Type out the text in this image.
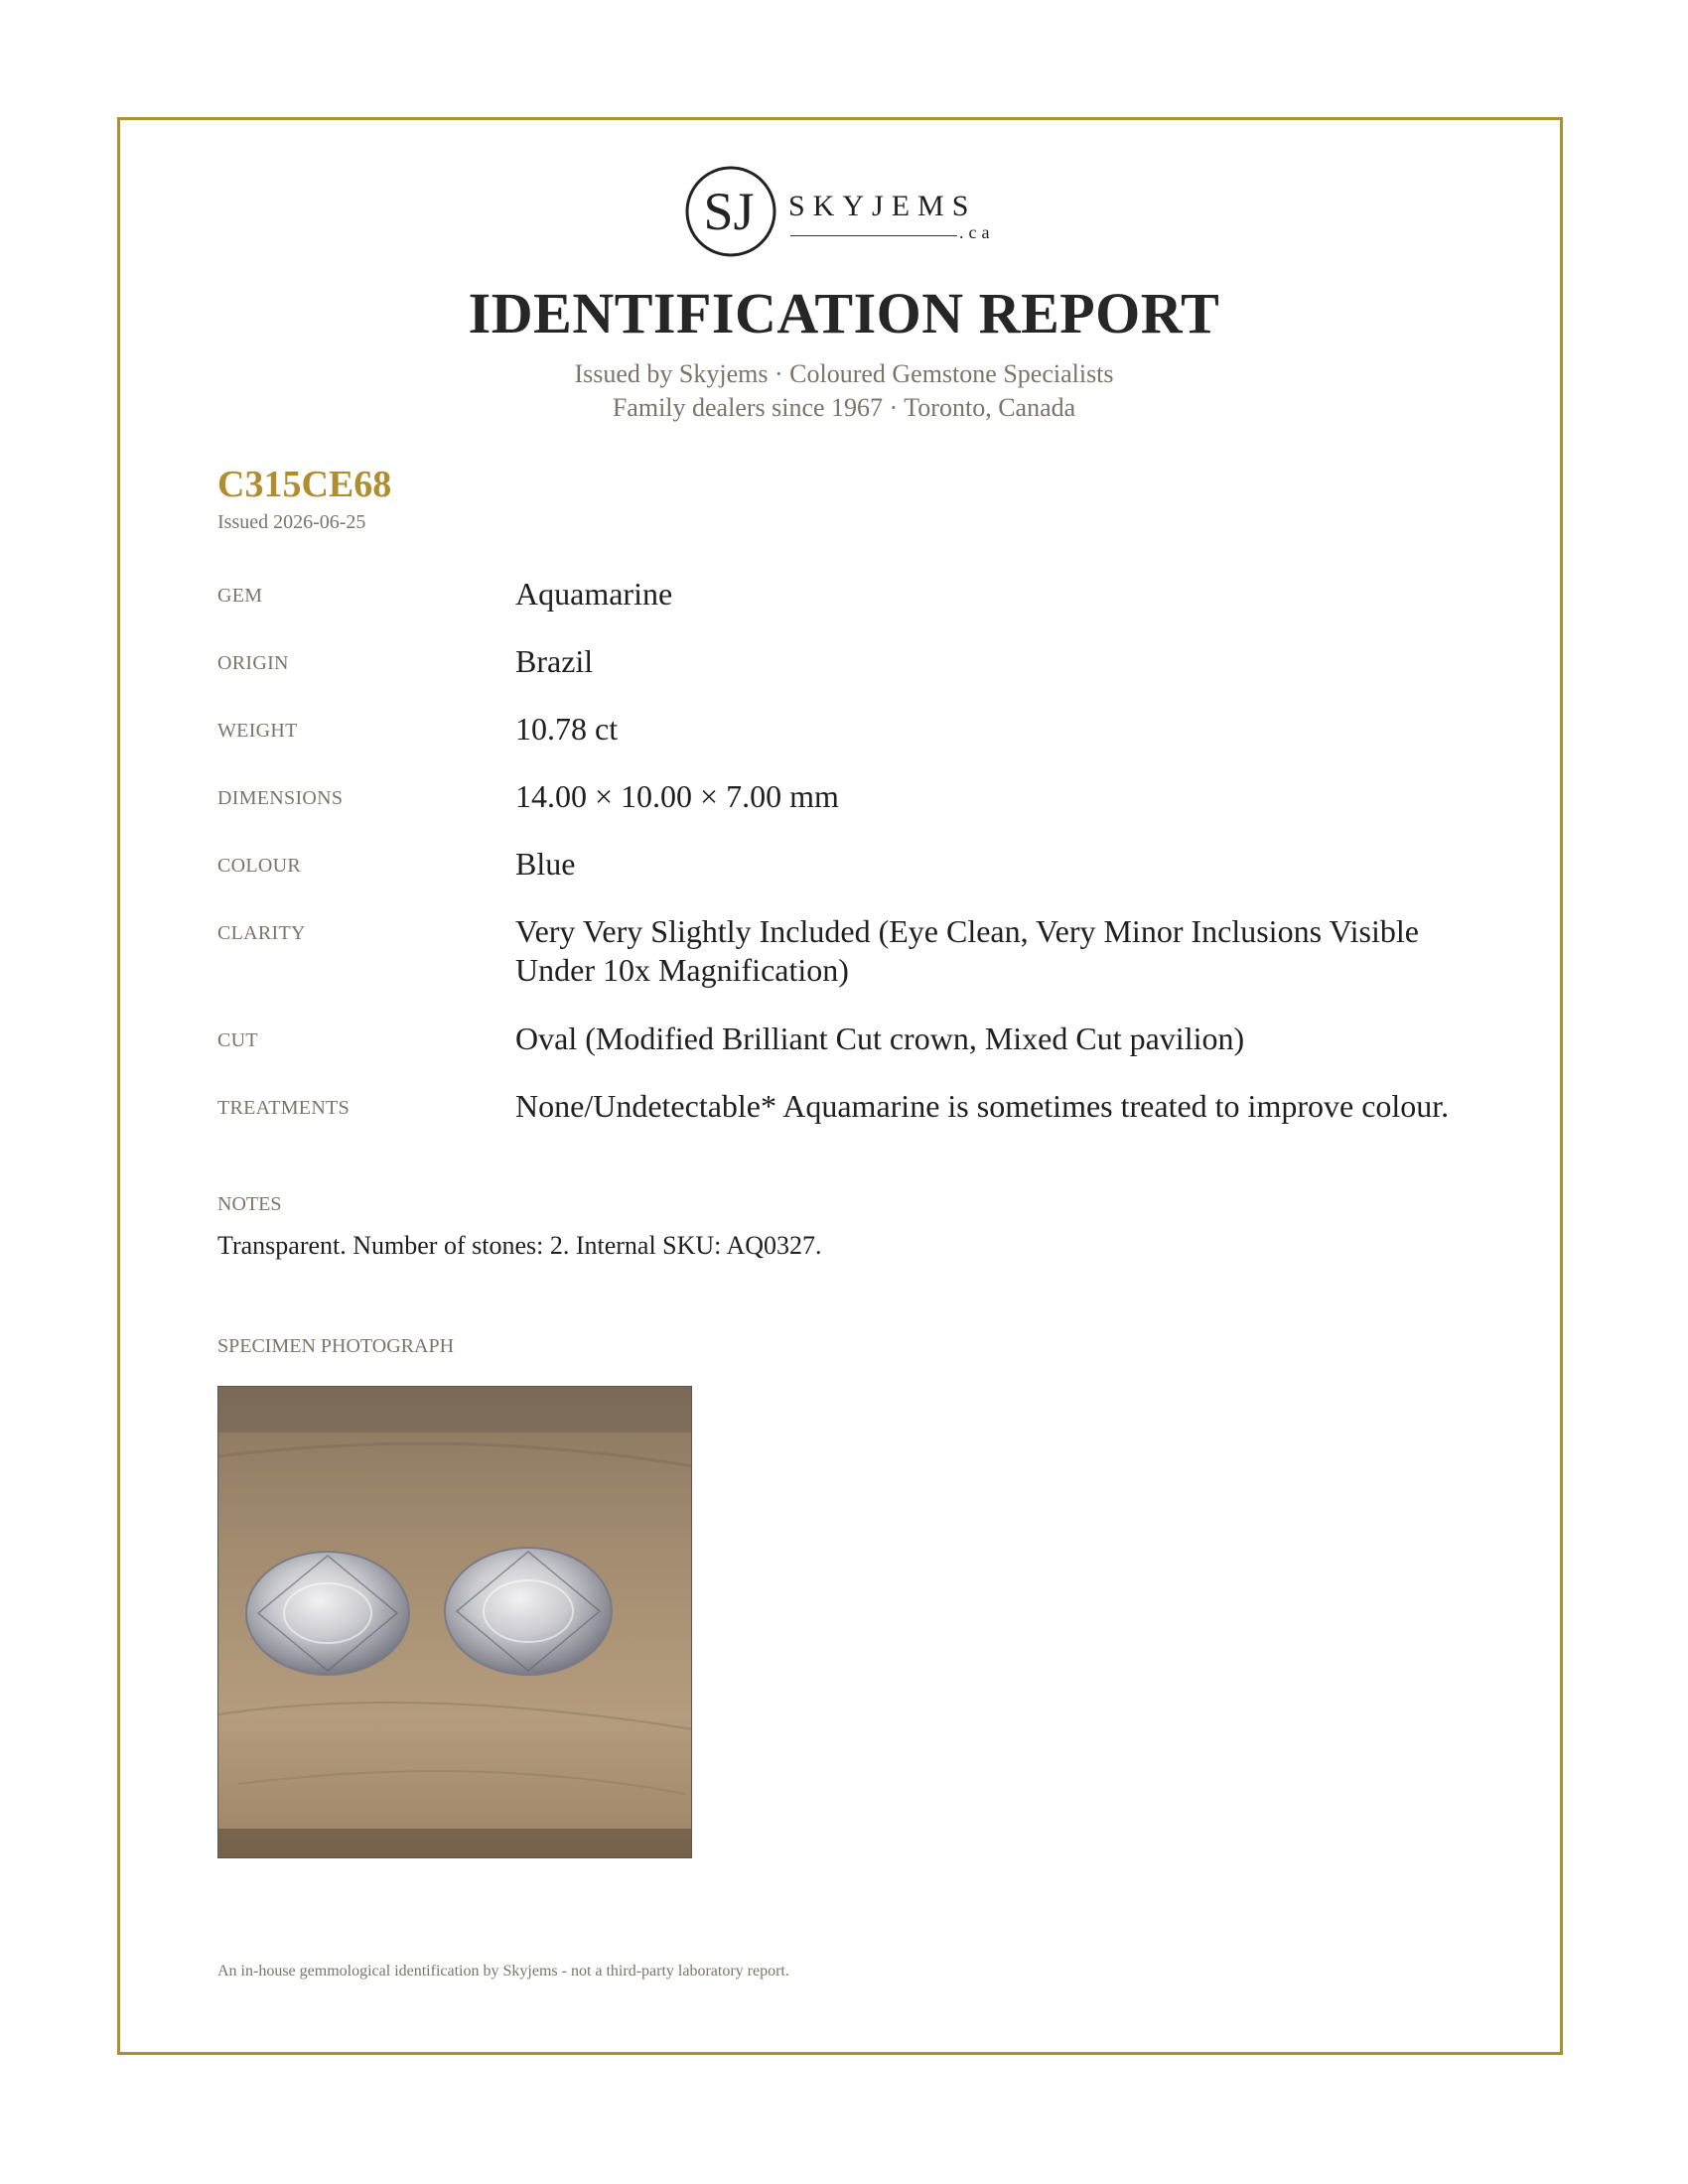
SJ SKYJEMS
.ca
IDENTIFICATION REPORT
Issued by Skyjems · Coloured Gemstone Specialists
Family dealers since 1967 · Toronto, Canada
C315CE68
Issued 2026-06-25
GEM	Aquamarine
ORIGIN	Brazil
WEIGHT	10.78 ct
DIMENSIONS	14.00 × 10.00 × 7.00 mm
COLOUR	Blue
CLARITY	Very Very Slightly Included (Eye Clean, Very Minor Inclusions Visible Under 10x Magnification)
CUT	Oval (Modified Brilliant Cut crown, Mixed Cut pavilion)
TREATMENTS	None/Undetectable* Aquamarine is sometimes treated to improve colour.
NOTES
Transparent. Number of stones: 2. Internal SKU: AQ0327.
SPECIMEN PHOTOGRAPH
An in-house gemmological identification by Skyjems - not a third-party laboratory report.
